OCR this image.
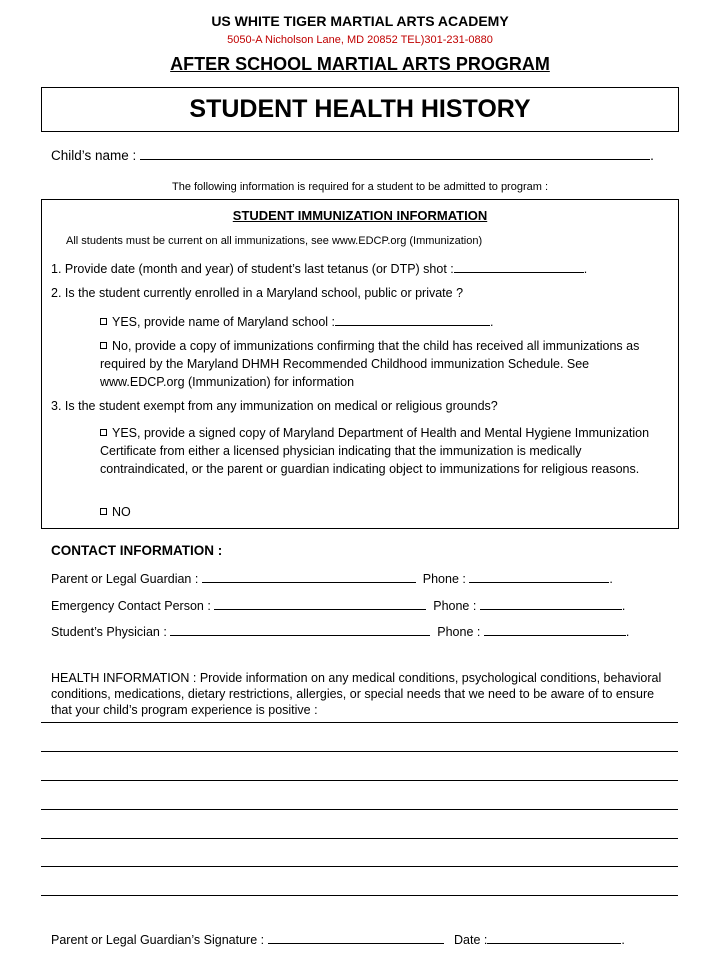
US WHITE TIGER MARTIAL ARTS ACADEMY
5050-A Nicholson Lane, MD 20852 TEL)301-231-0880
AFTER SCHOOL MARTIAL ARTS PROGRAM
STUDENT HEALTH HISTORY
Child’s name :	.
The following information is required for a student to be admitted to program :
STUDENT IMMUNIZATION INFORMATION
All students must be current on all immunizations, see www.EDCP.org (Immunization)
1. Provide date (month and year) of student’s last tetanus (or DTP) shot :	.
2. Is the student currently enrolled in a Maryland school, public or private ?
YES, provide name of Maryland school :	.
No, provide a copy of immunizations confirming that the child has received all immunizations as required by the Maryland DHMH Recommended Childhood immunization Schedule. See www.EDCP.org (Immunization) for information
3. Is the student exempt from any immunization on medical or religious grounds?
YES, provide a signed copy of Maryland Department of Health and Mental Hygiene Immunization Certificate from either a licensed physician indicating that the immunization is medically contraindicated, or the parent or guardian indicating object to immunizations for religious reasons.
NO
CONTACT INFORMATION :
Parent or Legal Guardian :	Phone :	.
Emergency Contact Person :	Phone :	.
Student’s Physician :	Phone :	.
HEALTH INFORMATION : Provide information on any medical conditions, psychological conditions, behavioral conditions, medications, dietary restrictions, allergies, or special needs that we need to be aware of to ensure that your child’s program experience is positive :
Parent or Legal Guardian’s Signature :	Date :	.
